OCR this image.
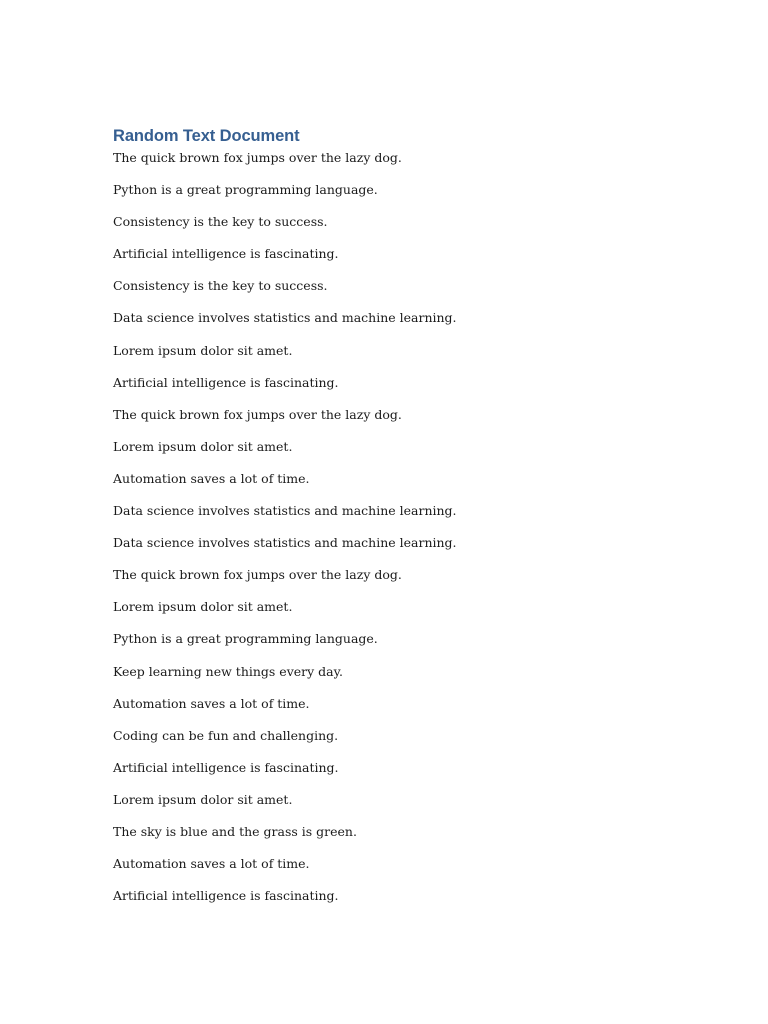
Random Text Document

The quick brown fox jumps over the lazy dog.

Python is a great programming language.

Consistency is the key to success.

Artificial intelligence is fascinating.

Consistency is the key to success.

Data science involves statistics and machine learning.

Lorem ipsum dolor sit amet.

Artificial intelligence is fascinating.

The quick brown fox jumps over the lazy dog.

Lorem ipsum dolor sit amet.

Automation saves a lot of time.

Data science involves statistics and machine learning.

Data science involves statistics and machine learning.

The quick brown fox jumps over the lazy dog.

Lorem ipsum dolor sit amet.

Python is a great programming language.

Keep learning new things every day.

Automation saves a lot of time.

Coding can be fun and challenging.

Artificial intelligence is fascinating.

Lorem ipsum dolor sit amet.

The sky is blue and the grass is green.

Automation saves a lot of time.

Artificial intelligence is fascinating.
